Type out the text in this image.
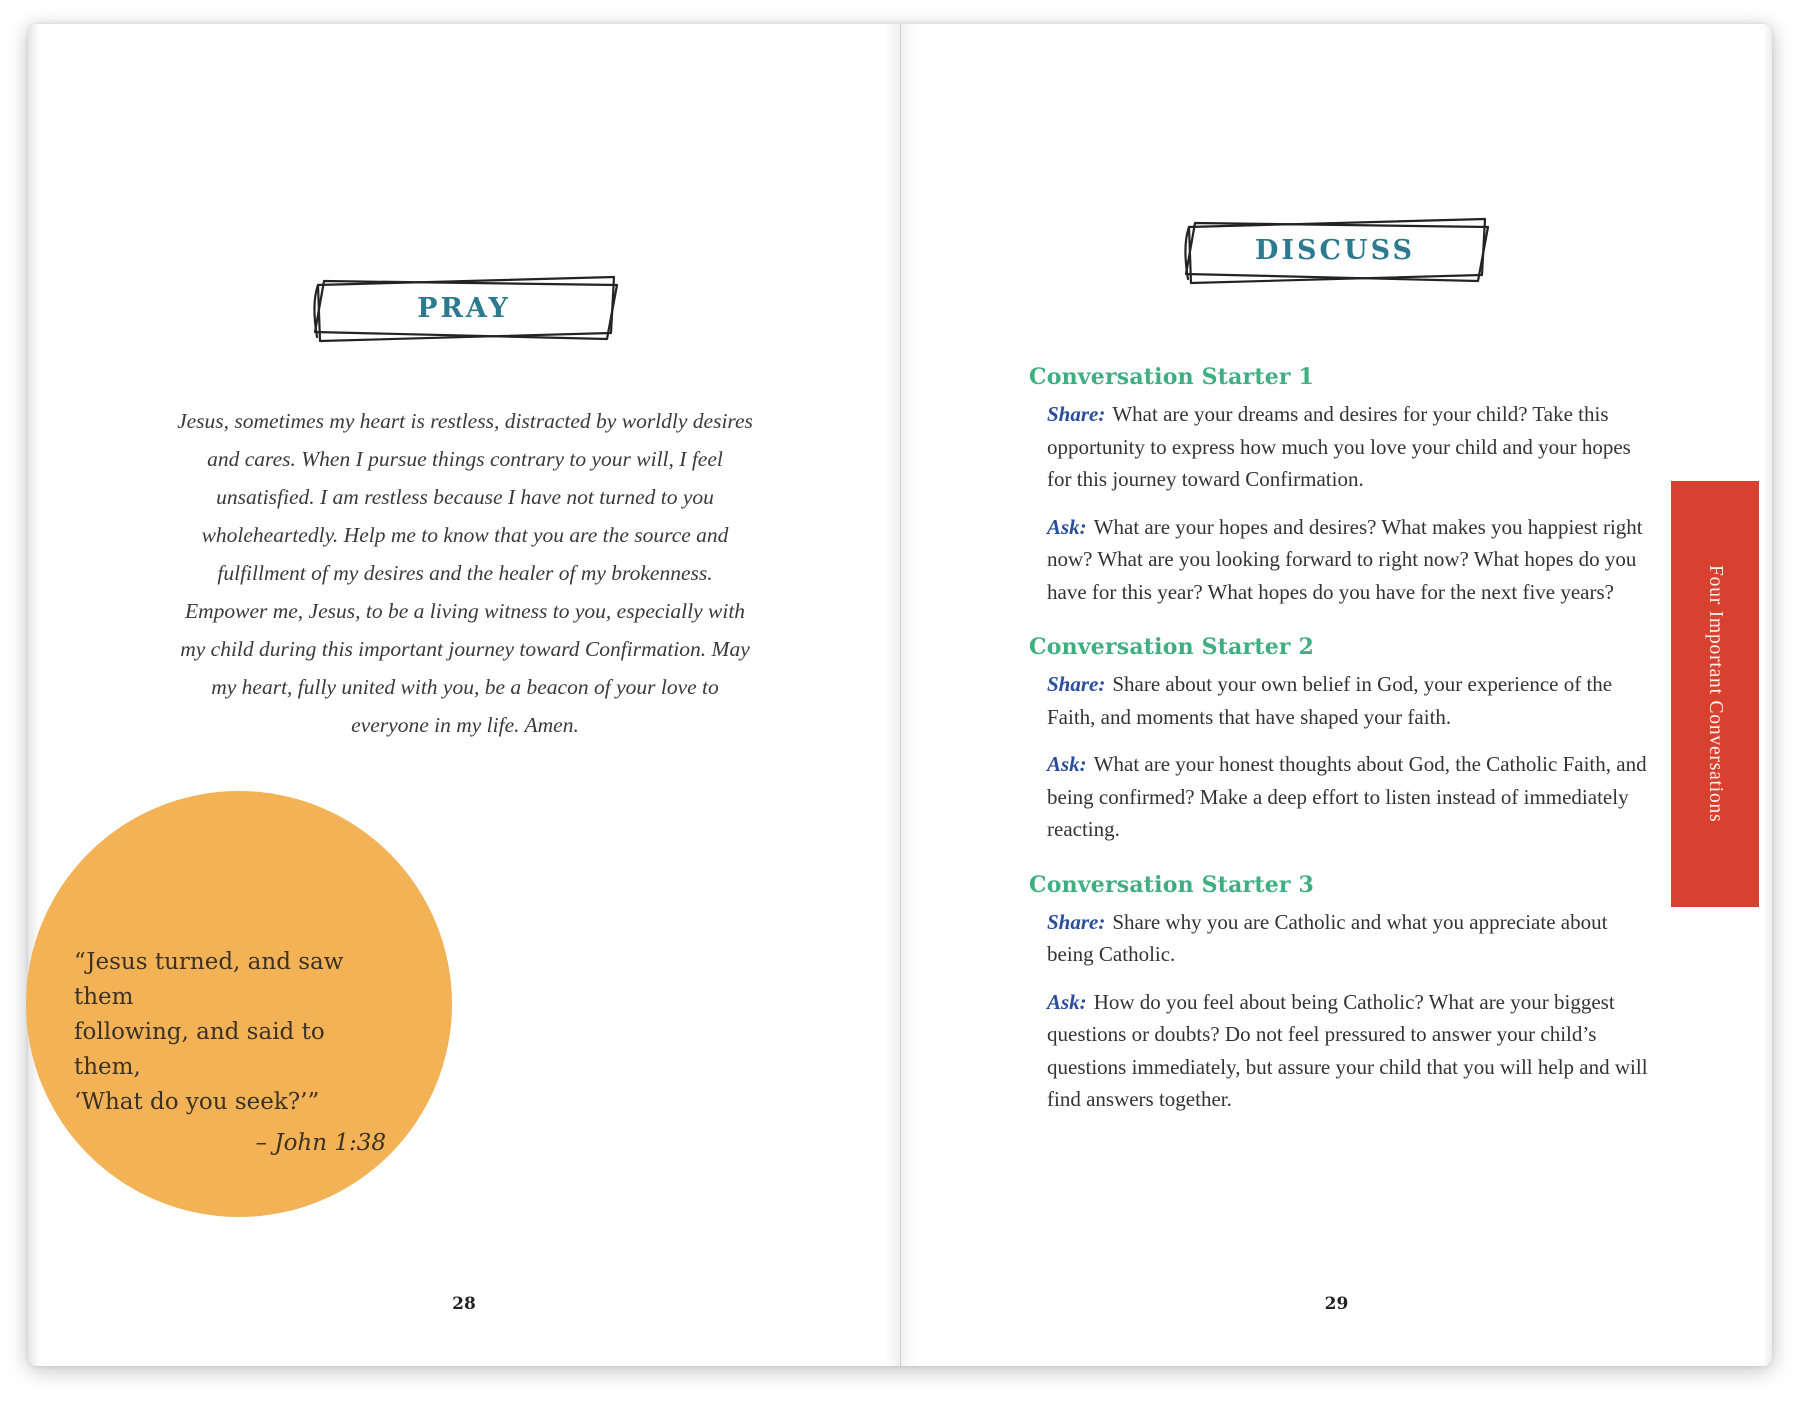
PRAY

Jesus, sometimes my heart is restless, distracted by worldly desires and cares. When I pursue things contrary to your will, I feel unsatisfied. I am restless because I have not turned to you wholeheartedly. Help me to know that you are the source and fulfillment of my desires and the healer of my brokenness. Empower me, Jesus, to be a living witness to you, especially with my child during this important journey toward Confirmation. May my heart, fully united with you, be a beacon of your love to everyone in my life. Amen.

“Jesus turned, and saw them
following, and said to them,
‘What do you seek?’”
– John 1:38
28
DISCUSS
Conversation Starter 1

Share: What are your dreams and desires for your child? Take this opportunity to express how much you love your child and your hopes for this journey toward Confirmation.

Ask: What are your hopes and desires? What makes you happiest right now? What are you looking forward to right now? What hopes do you have for this year? What hopes do you have for the next five years?

Conversation Starter 2

Share: Share about your own belief in God, your experience of the Faith, and moments that have shaped your faith.

Ask: What are your honest thoughts about God, the Catholic Faith, and being confirmed? Make a deep effort to listen instead of immediately reacting.

Conversation Starter 3

Share: Share why you are Catholic and what you appreciate about being Catholic.

Ask: How do you feel about being Catholic? What are your biggest questions or doubts? Do not feel pressured to answer your child’s questions immediately, but assure your child that you will help and will find answers together.

Four Important Conversations
29
